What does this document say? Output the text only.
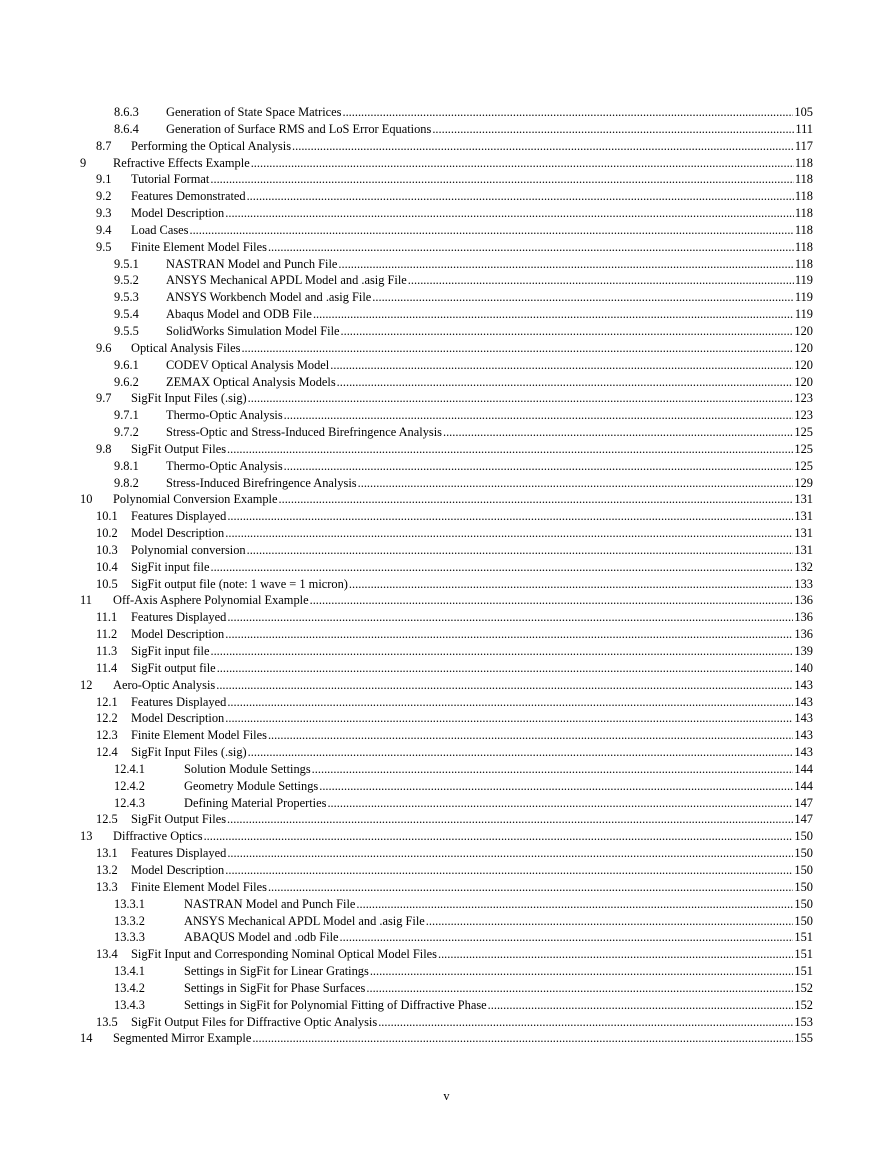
8.6.3 Generation of State Space Matrices .....	105
8.6.4 Generation of Surface RMS and LoS Error Equations .....	111
8.7 Performing the Optical Analysis .....	117
9 Refractive Effects Example .....	118
9.1 Tutorial Format .....	118
9.2 Features Demonstrated .....	118
9.3 Model Description .....	118
9.4 Load Cases .....	118
9.5 Finite Element Model Files .....	118
9.5.1 NASTRAN Model and Punch File .....	118
9.5.2 ANSYS Mechanical APDL Model and .asig File .....	119
9.5.3 ANSYS Workbench Model and .asig File .....	119
9.5.4 Abaqus Model and ODB File .....	119
9.5.5 SolidWorks Simulation Model File .....	120
9.6 Optical Analysis Files .....	120
9.6.1 CODEV Optical Analysis Model .....	120
9.6.2 ZEMAX Optical Analysis Models .....	120
9.7 SigFit Input Files (.sig) .....	123
9.7.1 Thermo-Optic Analysis .....	123
9.7.2 Stress-Optic and Stress-Induced Birefringence Analysis .....	125
9.8 SigFit Output Files .....	125
9.8.1 Thermo-Optic Analysis .....	125
9.8.2 Stress-Induced Birefringence Analysis .....	129
10 Polynomial Conversion Example .....	131
10.1 Features Displayed .....	131
10.2 Model Description .....	131
10.3 Polynomial conversion .....	131
10.4 SigFit input file .....	132
10.5 SigFit output file (note: 1 wave = 1 micron) .....	133
11 Off-Axis Asphere Polynomial Example .....	136
11.1 Features Displayed .....	136
11.2 Model Description .....	136
11.3 SigFit input file .....	139
11.4 SigFit output file .....	140
12 Aero-Optic Analysis .....	143
12.1 Features Displayed .....	143
12.2 Model Description .....	143
12.3 Finite Element Model Files .....	143
12.4 SigFit Input Files (.sig) .....	143
12.4.1	Solution Module Settings .....	144
12.4.2	Geometry Module Settings .....	144
12.4.3	Defining Material Properties .....	147
12.5 SigFit Output Files .....	147
13 Diffractive Optics .....	150
13.1 Features Displayed .....	150
13.2 Model Description .....	150
13.3 Finite Element Model Files .....	150
13.3.1	NASTRAN Model and Punch File .....	150
13.3.2	ANSYS Mechanical APDL Model and .asig File .....	150
13.3.3	ABAQUS Model and .odb File .....	151
13.4 SigFit Input and Corresponding Nominal Optical Model Files .....	151
13.4.1	Settings in SigFit for Linear Gratings .....	151
13.4.2	Settings in SigFit for Phase Surfaces .....	152
13.4.3	Settings in SigFit for Polynomial Fitting of Diffractive Phase .....	152
13.5 SigFit Output Files for Diffractive Optic Analysis .....	153
14 Segmented Mirror Example .....	155
v
